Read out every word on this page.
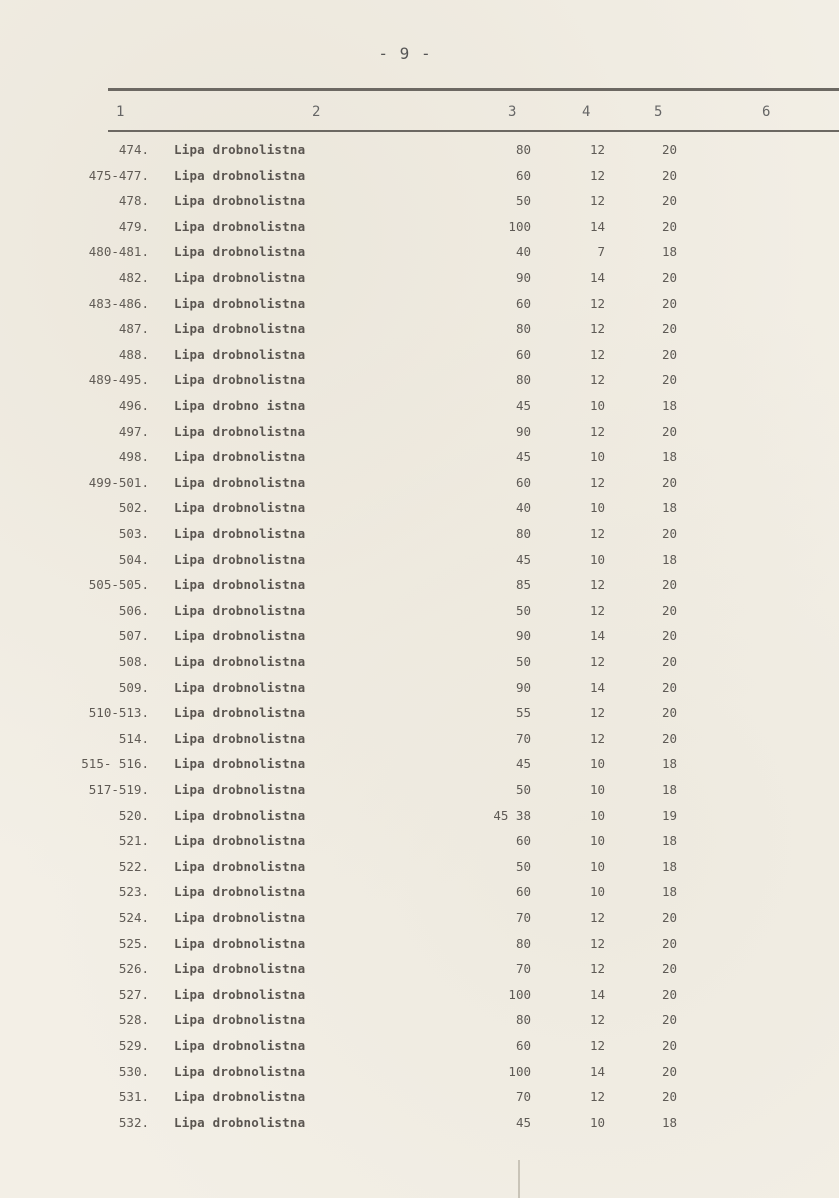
- 9 -
1	2	3	4	5	6
474. Lipa drobnolistna	80	12	20
475-477. Lipa drobnolistna	60	12	20
478. Lipa drobnolistna	50	12	20
479. Lipa drobnolistna	100	14	20
480-481. Lipa drobnolistna	40	7	18
482. Lipa drobnolistna	90	14	20
483-486. Lipa drobnolistna	60	12	20
487. Lipa drobnolistna	80	12	20
488. Lipa drobnolistna	60	12	20
489-495. Lipa drobnolistna	80	12	20
496. Lipa drobno istna	45	10	18
497. Lipa drobnolistna	90	12	20
498. Lipa drobnolistna	45	10	18
499-501. Lipa drobnolistna	60	12	20
502. Lipa drobnolistna	40	10	18
503. Lipa drobnolistna	80	12	20
504. Lipa drobnolistna	45	10	18
505-505. Lipa drobnolistna	85	12	20
506. Lipa drobnolistna	50	12	20
507. Lipa drobnolistna	90	14	20
508. Lipa drobnolistna	50	12	20
509. Lipa drobnolistna	90	14	20
510-513. Lipa drobnolistna	55	12	20
514. Lipa drobnolistna	70	12	20
515- 516. Lipa drobnolistna	45	10	18
517-519. Lipa drobnolistna	50	10	18
520. Lipa drobnolistna	45 38	10	19
521. Lipa drobnolistna	60	10	18
522. Lipa drobnolistna	50	10	18
523. Lipa drobnolistna	60	10	18
524. Lipa drobnolistna	70	12	20
525. Lipa drobnolistna	80	12	20
526. Lipa drobnolistna	70	12	20
527. Lipa drobnolistna	100	14	20
528. Lipa drobnolistna	80	12	20
529. Lipa drobnolistna	60	12	20
530. Lipa drobnolistna	100	14	20
531. Lipa drobnolistna	70	12	20
532. Lipa drobnolistna	45	10	18
